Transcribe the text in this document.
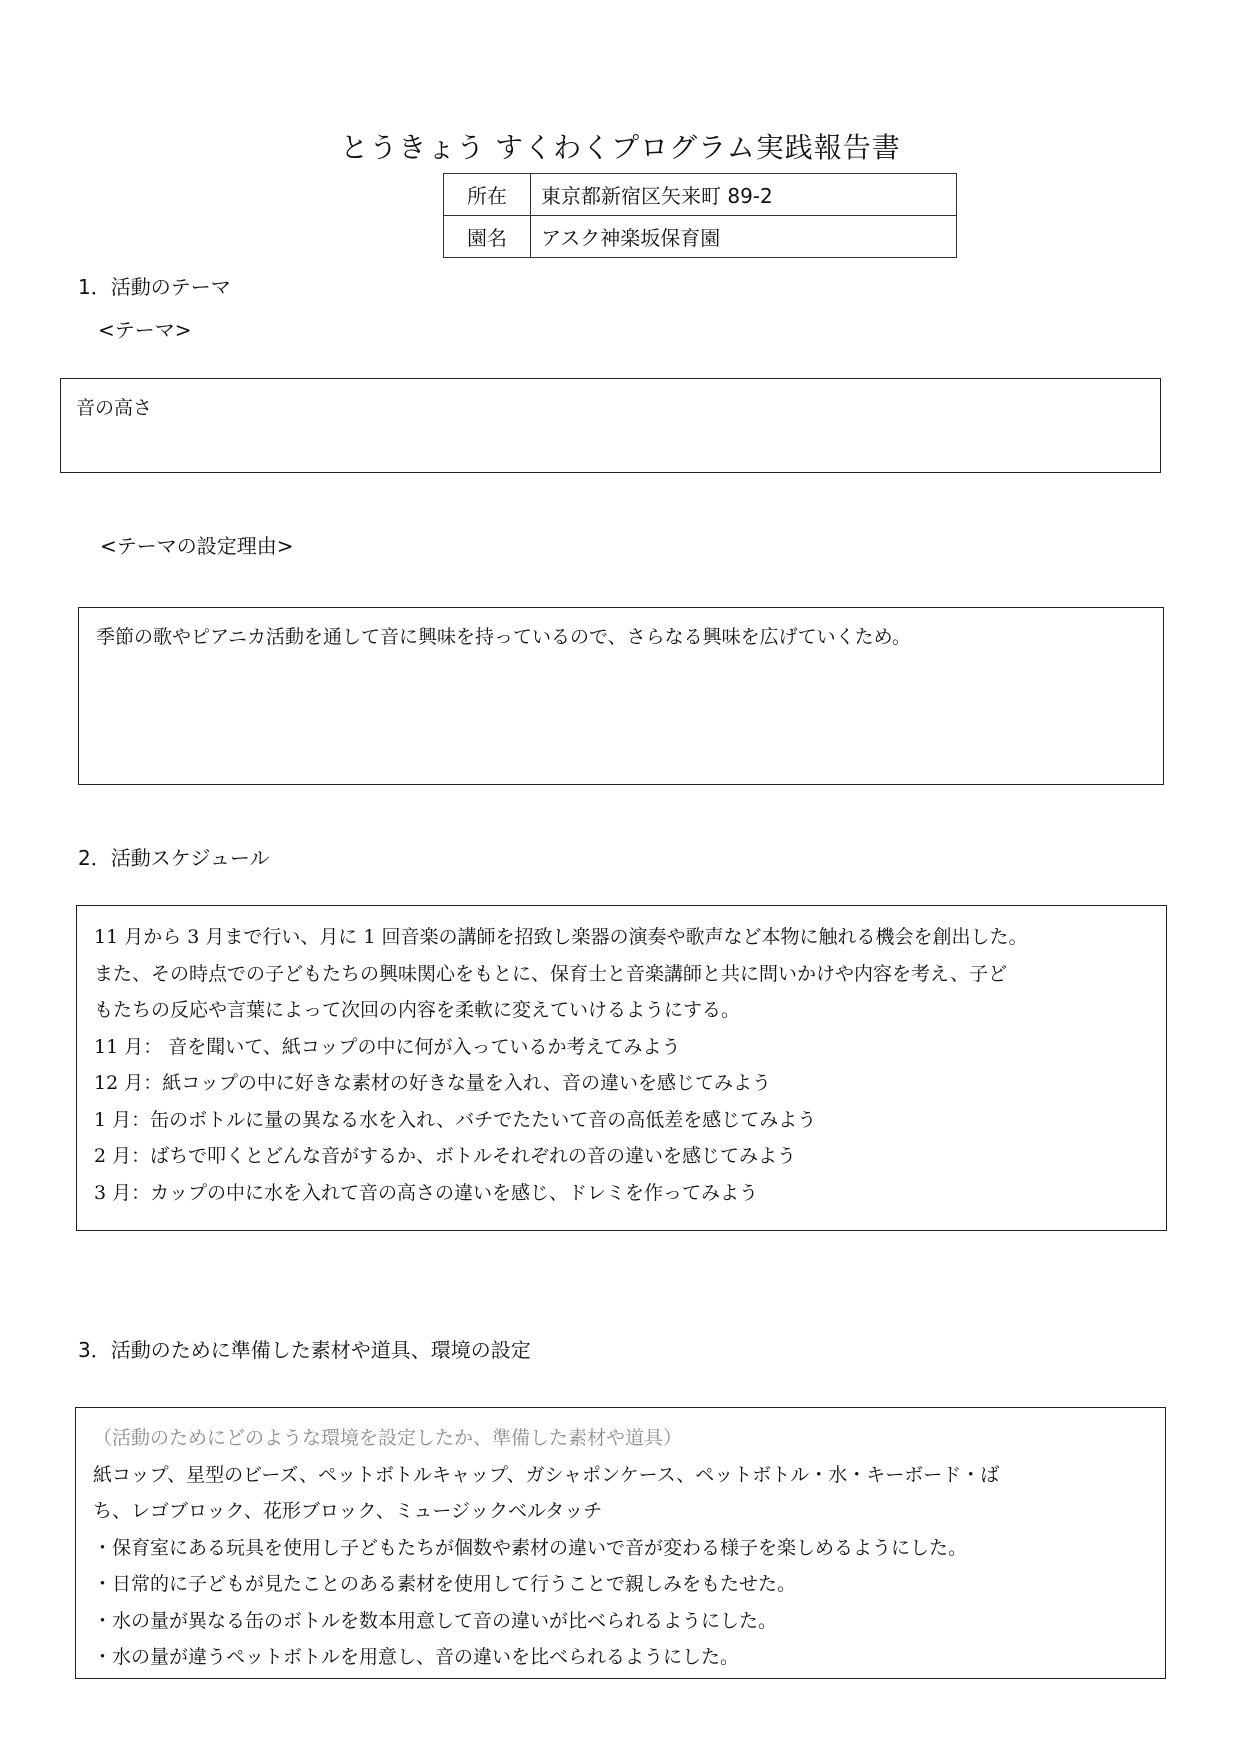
とうきょう すくわくプログラム実践報告書
所在	東京都新宿区矢来町 89-2
園名	アスク神楽坂保育園
1．活動のテーマ
<テーマ>
音の高さ
<テーマの設定理由>
季節の歌やピアニカ活動を通して音に興味を持っているので、さらなる興味を広げていくため。
2．活動スケジュール
11 月から 3 月まで行い、月に 1 回音楽の講師を招致し楽器の演奏や歌声など本物に触れる機会を創出した。
また、その時点での子どもたちの興味関心をもとに、保育士と音楽講師と共に問いかけや内容を考え、子ど
もたちの反応や言葉によって次回の内容を柔軟に変えていけるようにする。
11 月： 音を聞いて、紙コップの中に何が入っているか考えてみよう
12 月：紙コップの中に好きな素材の好きな量を入れ、音の違いを感じてみよう
1 月：缶のボトルに量の異なる水を入れ、バチでたたいて音の高低差を感じてみよう
2 月：ばちで叩くとどんな音がするか、ボトルそれぞれの音の違いを感じてみよう
3 月：カップの中に水を入れて音の高さの違いを感じ、ドレミを作ってみよう
3．活動のために準備した素材や道具、環境の設定
（活動のためにどのような環境を設定したか、準備した素材や道具）
紙コップ、星型のビーズ、ペットボトルキャップ、ガシャポンケース、ペットボトル・水・キーボード・ば
ち、レゴブロック、花形ブロック、ミュージックベルタッチ
・保育室にある玩具を使用し子どもたちが個数や素材の違いで音が変わる様子を楽しめるようにした。
・日常的に子どもが見たことのある素材を使用して行うことで親しみをもたせた。
・水の量が異なる缶のボトルを数本用意して音の違いが比べられるようにした。
・水の量が違うペットボトルを用意し、音の違いを比べられるようにした。
